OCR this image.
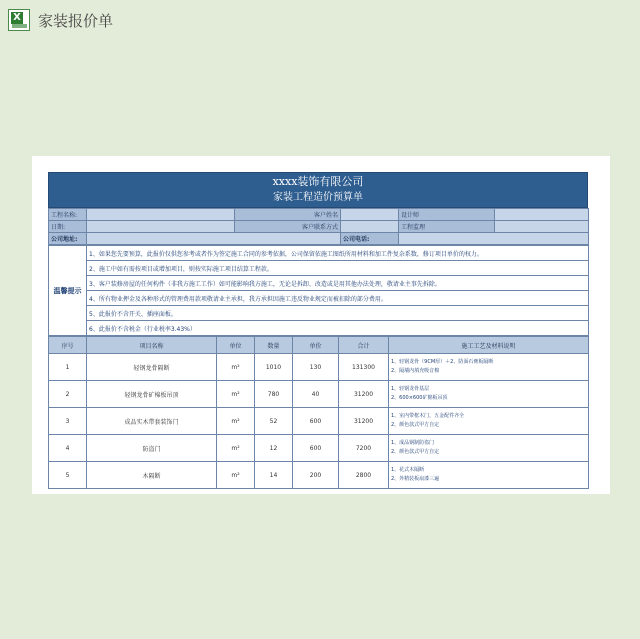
X 家装报价单
xxxx装饰有限公司
家装工程造价预算单
工程名称:		客户姓名		设计师	
日期:		客户联系方式		工程监理	
公司地址:			公司电话:		
温馨提示	1、如果您先要预算，此报价仅供您参考或者作为签定施工合同的参考依据，公司保留依施工图纸所用材料和加工件复杂系数，修订项目单价的权力。
2、施工中如有需按项目或增加项目，则按实际施工项目结算工程款。
3、客户装修房屋的任何构件（非我方施工工作）如可能影响我方施工，无论是拆卸、改造或是用其他办法处理，敬请业主事先拆除。
4、所有物业押金及各种形式的管理费用款项敬请业主承担，我方承担因施工违反物业规定而被扣除的部分费用。
5、此报价不含开关、插座面板。
6、此报价不含税金（行业税率3.43%）
序号	项目名称	单位	数量	单价	合计	施工工艺及材料说明
1	轻钢龙骨隔断	m²	1010	130	131300	1、轻钢龙骨（9CM厚）＋2、防面石膏板隔断
2、隔墙内填充吸音棉

2	轻钢龙骨矿棉板吊顶	m²	780	40	31200	1、轻钢龙骨基层
2、600×600矿棉板吊顶

3	成品实木带套装饰门	m²	52	600	31200	1、室内带框木门，五金配件齐全
2、颜色款式甲方自定

4	防盗门	m²	12	600	7200	1、成品钢制防盗门
2、颜色款式甲方自定

5	木隔断	m²	14	200	2800	1、花式木隔断
2、外精装板扇漆三遍
